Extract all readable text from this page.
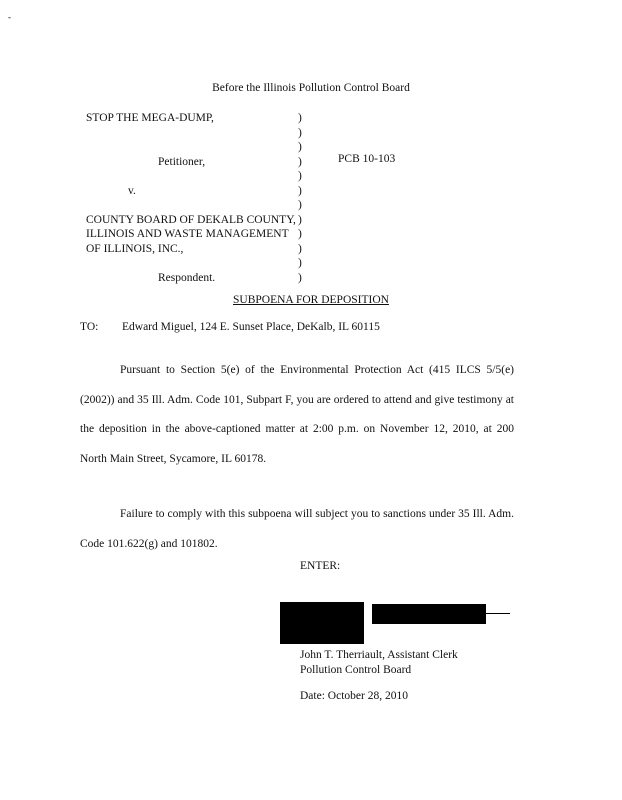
-
Before the Illinois Pollution Control Board
STOP THE MEGA-DUMP,
Petitioner,
v.
COUNTY BOARD OF DEKALB COUNTY,
ILLINOIS AND WASTE MANAGEMENT
OF ILLINOIS, INC.,
Respondent.
)
)
)
)
)
)
)
)
)
)
)
)
PCB 10-103
SUBPOENA FOR DEPOSITION
TO: Edward Miguel, 124 E. Sunset Place, DeKalb, IL 60115
Pursuant to Section 5(e) of the Environmental Protection Act (415 ILCS 5/5(e) (2002)) and 35 Ill. Adm. Code 101, Subpart F, you are ordered to attend and give testimony at the deposition in the above-captioned matter at 2:00 p.m. on November 12, 2010, at 200 North Main Street, Sycamore, IL 60178.
Failure to comply with this subpoena will subject you to sanctions under 35 Ill. Adm. Code 101.622(g) and 101802.
ENTER:
John T. Therriault, Assistant Clerk
Pollution Control Board
Date: October 28, 2010
